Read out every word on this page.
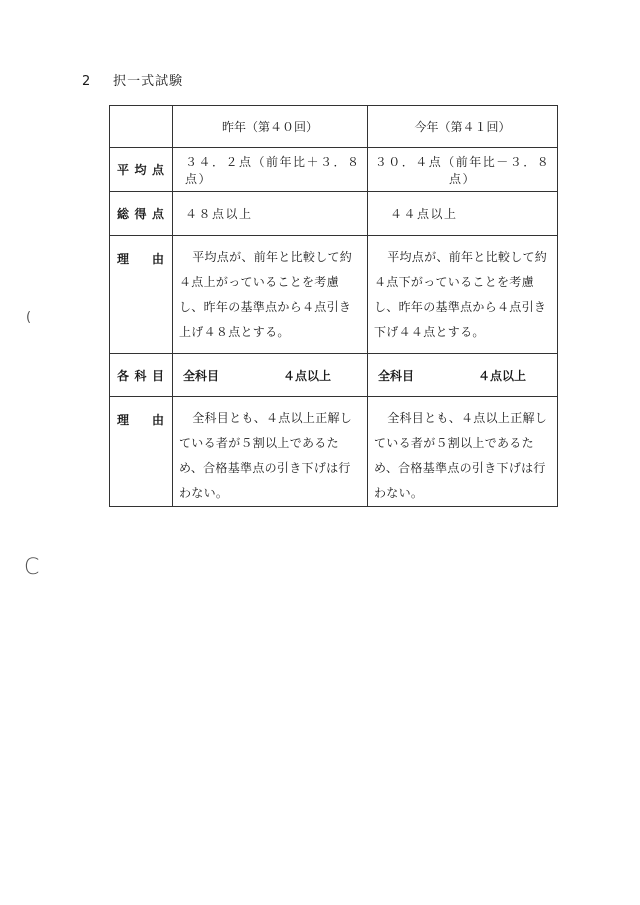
2 択一式試験
	昨年（第４０回）	今年（第４１回）
平均点	３４．２点（前年比＋３．８点）	３０．４点（前年比－３．８点）
総得点	４８点以上	４４点以上
理由	平均点が、前年と比較して約４点上がっていることを考慮し、昨年の基準点から４点引き上げ４８点とする。	平均点が、前年と比較して約４点下がっていることを考慮し、昨年の基準点から４点引き下げ４４点とする。

各科目	全科目 ４点以上	全科目 ４点以上
理由	全科目とも、４点以上正解している者が５割以上であるため、合格基準点の引き下げは行わない。	全科目とも、４点以上正解している者が５割以上であるため、合格基準点の引き下げは行わない。
(
C
